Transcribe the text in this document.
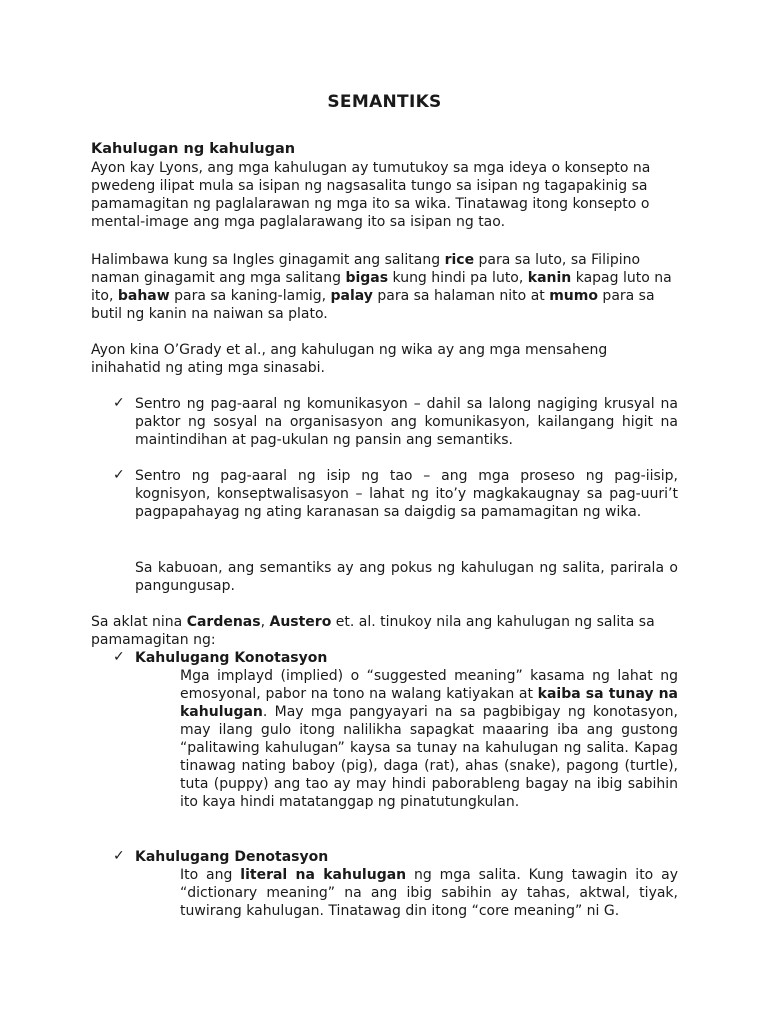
SEMANTIKS
Kahulugan ng kahulugan
Ayon kay Lyons, ang mga kahulugan ay tumutukoy sa mga ideya o konsepto na pwedeng ilipat mula sa isipan ng nagsasalita tungo sa isipan ng tagapakinig sa pamamagitan ng paglalarawan ng mga ito sa wika. Tinatawag itong konsepto o mental-image ang mga paglalarawang ito sa isipan ng tao.
Halimbawa kung sa Ingles ginagamit ang salitang rice para sa luto, sa Filipino naman ginagamit ang mga salitang bigas kung hindi pa luto, kanin kapag luto na ito, bahaw para sa kaning-lamig, palay para sa halaman nito at mumo para sa butil ng kanin na naiwan sa plato.
Ayon kina O’Grady et al., ang kahulugan ng wika ay ang mga mensaheng inihahatid ng ating mga sinasabi.
✓ Sentro ng pag-aaral ng komunikasyon – dahil sa lalong nagiging krusyal na paktor ng sosyal na organisasyon ang komunikasyon, kailangang higit na maintindihan at pag-ukulan ng pansin ang semantiks.
✓ Sentro ng pag-aaral ng isip ng tao – ang mga proseso ng pag-iisip, kognisyon, konseptwalisasyon – lahat ng ito’y magkakaugnay sa pag-uuri’t pagpapahayag ng ating karanasan sa daigdig sa pamamagitan ng wika.
Sa kabuoan, ang semantiks ay ang pokus ng kahulugan ng salita, parirala o pangungusap.
Sa aklat nina Cardenas, Austero et. al. tinukoy nila ang kahulugan ng salita sa pamamagitan ng:
✓ Kahulugang Konotasyon
Mga implayd (implied) o “suggested meaning” kasama ng lahat ng emosyonal, pabor na tono na walang katiyakan at kaiba sa tunay na kahulugan. May mga pangyayari na sa pagbibigay ng konotasyon, may ilang gulo itong nalilikha sapagkat maaaring iba ang gustong “palitawing kahulugan” kaysa sa tunay na kahulugan ng salita. Kapag tinawag nating baboy (pig), daga (rat), ahas (snake), pagong (turtle), tuta (puppy) ang tao ay may hindi paborableng bagay na ibig sabihin ito kaya hindi matatanggap ng pinatutungkulan.
✓ Kahulugang Denotasyon
Ito ang literal na kahulugan ng mga salita. Kung tawagin ito ay “dictionary meaning” na ang ibig sabihin ay tahas, aktwal, tiyak, tuwirang kahulugan. Tinatawag din itong “core meaning” ni G.
